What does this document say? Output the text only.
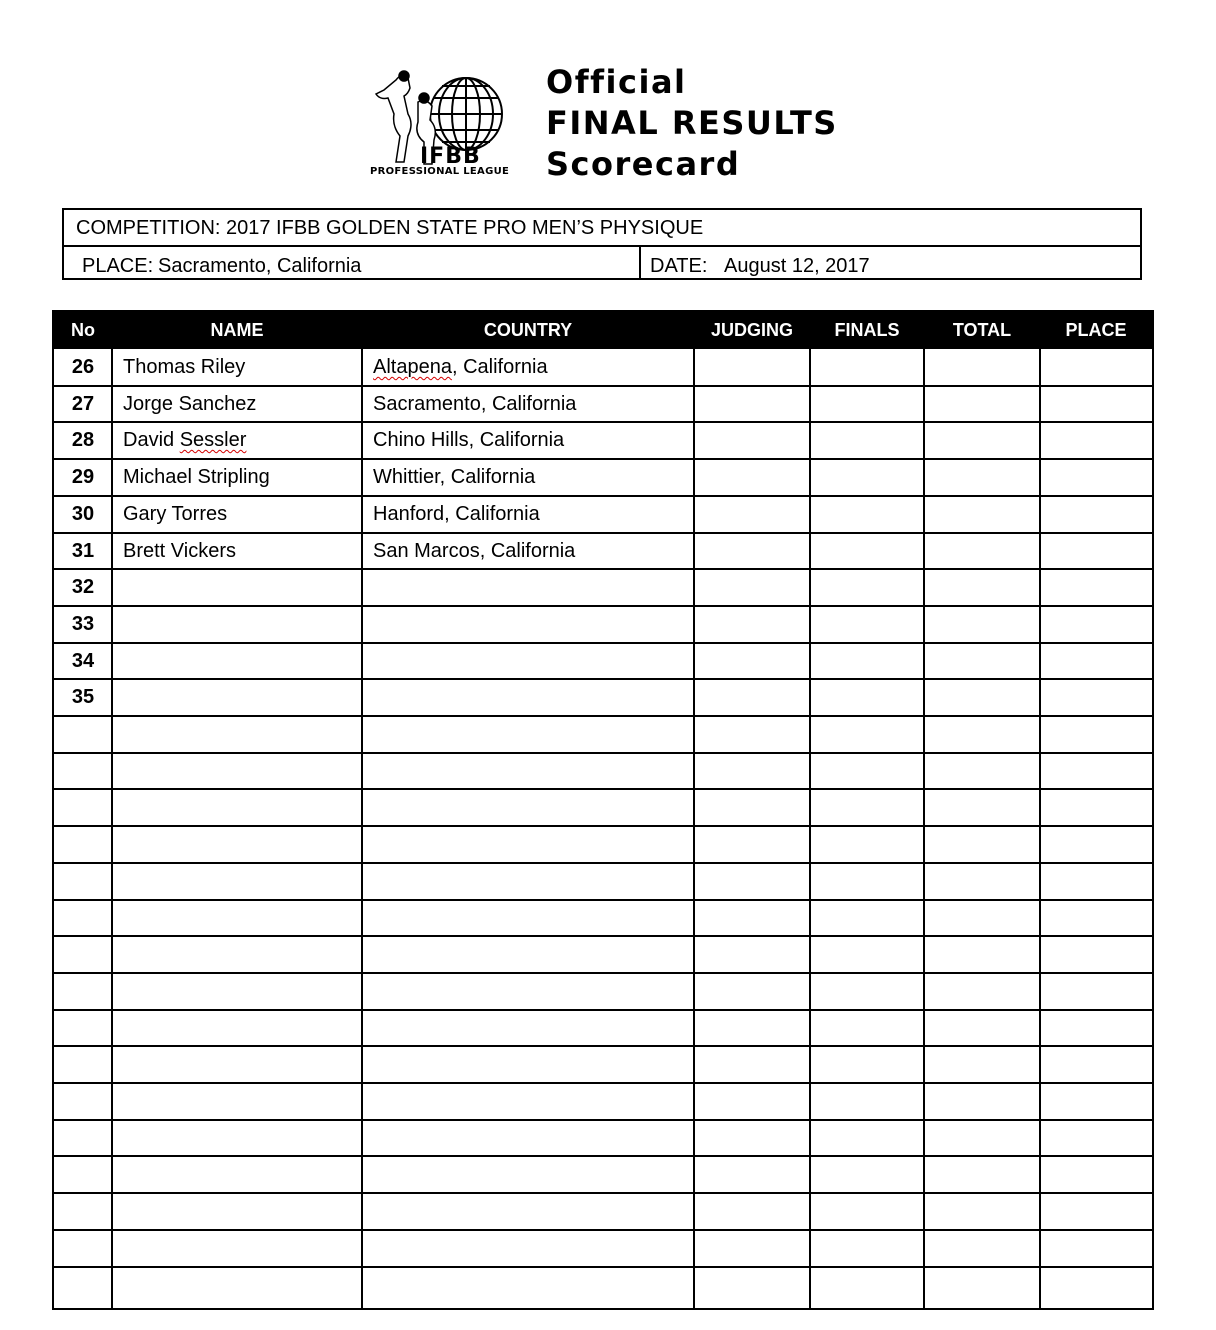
IFBB
PROFESSIONAL LEAGUE
Official
FINAL RESULTS
Scorecard
COMPETITION: 2017 IFBB GOLDEN STATE PRO MEN’S PHYSIQUE
PLACE: Sacramento, California	DATE: August 12, 2017
No	NAME	COUNTRY	JUDGING	FINALS	TOTAL	PLACE
26	Thomas Riley	Altapena, California
27	Jorge Sanchez	Sacramento, California
28	David Sessler	Chino Hills, California
29	Michael Stripling	Whittier, California
30	Gary Torres	Hanford, California
31	Brett Vickers	San Marcos, California
32
33
34
35
